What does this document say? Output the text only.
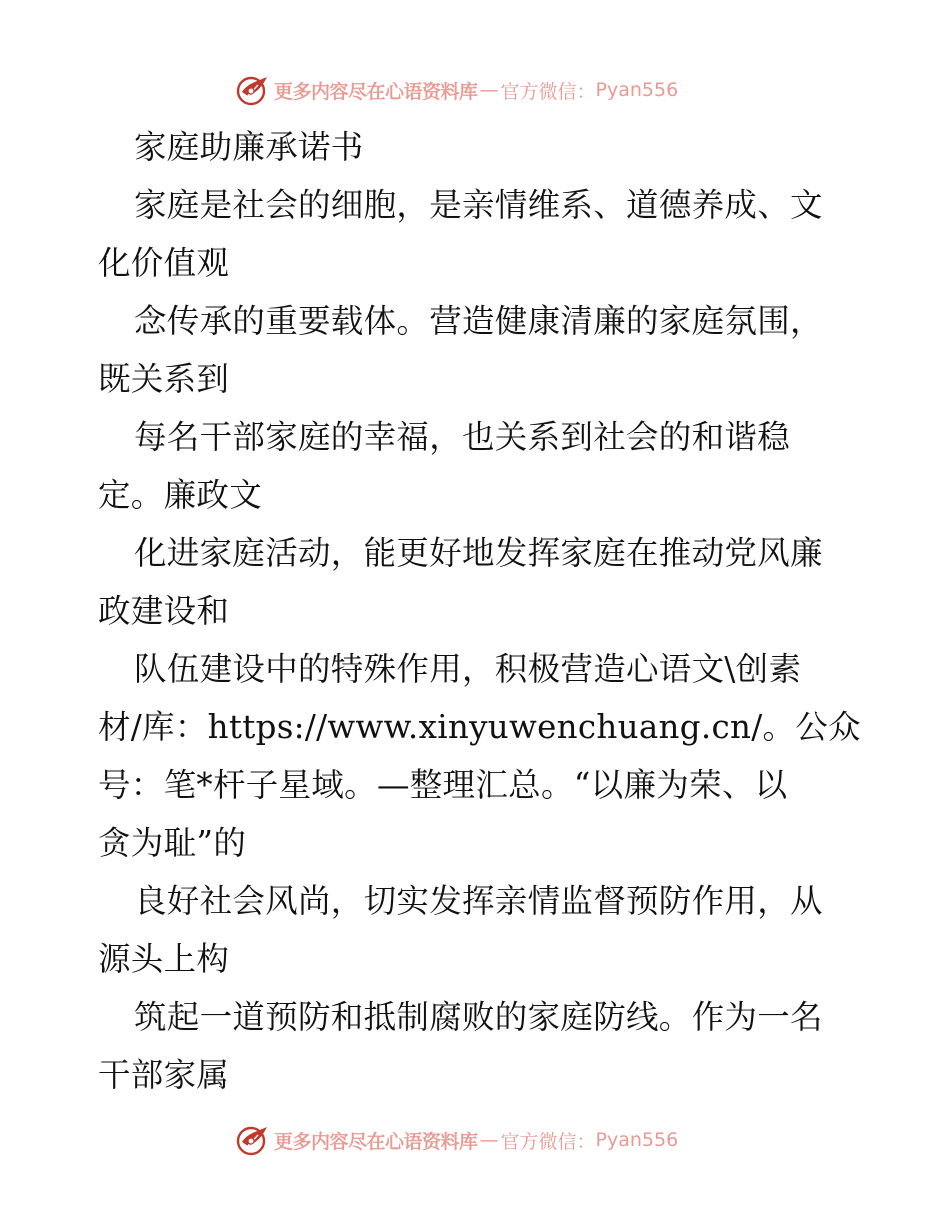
更多内容尽在心语资料库 — 官方微信： Pyan556
家庭助廉承诺书
家庭是社会的细胞，是亲情维系、道德养成、文
化价值观
念传承的重要载体。营造健康清廉的家庭氛围，
既关系到
每名干部家庭的幸福，也关系到社会的和谐稳
定。廉政文
化进家庭活动，能更好地发挥家庭在推动党风廉
政建设和
队伍建设中的特殊作用，积极营造心语文\创素
材/库：https://www.xinyuwenchuang.cn/。公众
号：笔*杆子星域。—整理汇总。“以廉为荣、以
贪为耻”的
良好社会风尚，切实发挥亲情监督预防作用，从
源头上构
筑起一道预防和抵制腐败的家庭防线。作为一名
干部家属
更多内容尽在心语资料库 — 官方微信： Pyan556
